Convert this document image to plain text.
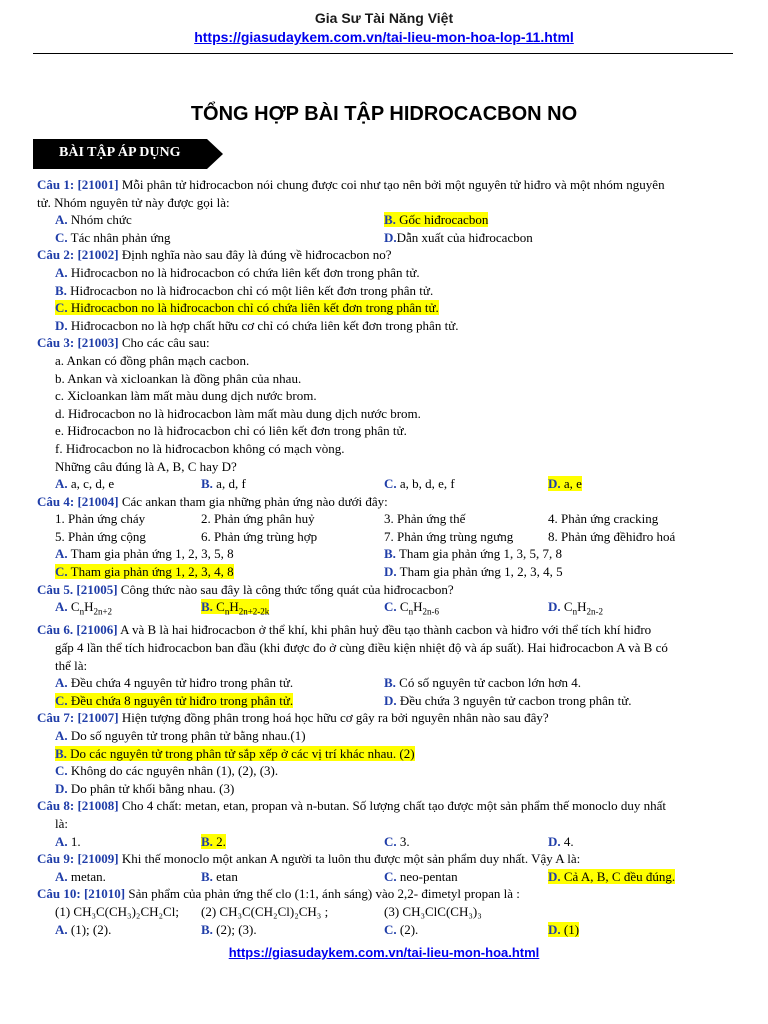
Gia Sư Tài Năng Việt
https://giasudaykem.com.vn/tai-lieu-mon-hoa-lop-11.html
TỔNG HỢP BÀI TẬP HIDROCACBON NO
BÀI TẬP ÁP DỤNG
Câu 1: [21001] Mỗi phân tử hiđrocacbon nói chung được coi như tạo nên bởi một nguyên tử hiđro và một nhóm nguyên
tử. Nhóm nguyên tử này được gọi là:
A. Nhóm chức	B. Gốc hiđrocacbon
C. Tác nhân phản ứng	D.Dẫn xuất của hiđrocacbon
Câu 2: [21002] Định nghĩa nào sau đây là đúng về hiđrocacbon no?
A. Hiđrocacbon no là hiđrocacbon có chứa liên kết đơn trong phân tử.
B. Hiđrocacbon no là hiđrocacbon chỉ có một liên kết đơn trong phân tử.
C. Hiđrocacbon no là hiđrocacbon chỉ có chứa liên kết đơn trong phân tử.
D. Hiđrocacbon no là hợp chất hữu cơ chỉ có chứa liên kết đơn trong phân tử.
Câu 3: [21003] Cho các câu sau:
a. Ankan có đồng phân mạch cacbon.
b. Ankan và xicloankan là đồng phân của nhau.
c. Xicloankan làm mất màu dung dịch nước brom.
d. Hiđrocacbon no là hiđrocacbon làm mất màu dung dịch nước brom.
e. Hiđrocacbon no là hiđrocacbon chỉ có liên kết đơn trong phân tử.
f. Hiđrocacbon no là hiđrocacbon không có mạch vòng.
Những câu đúng là A, B, C hay D?
A. a, c, d, e	B. a, d, f	C. a, b, d, e, f	D. a, e
Câu 4: [21004] Các ankan tham gia những phản ứng nào dưới đây:
1. Phản ứng cháy	2. Phản ứng phân huỷ	3. Phản ứng thế	4. Phản ứng cracking
5. Phản ứng cộng	6. Phản ứng trùng hợp	7. Phản ứng trùng ngưng	8. Phản ứng đềhiđro hoá
A. Tham gia phản ứng 1, 2, 3, 5, 8	B. Tham gia phản ứng 1, 3, 5, 7, 8
C. Tham gia phản ứng 1, 2, 3, 4, 8	D. Tham gia phản ứng 1, 2, 3, 4, 5
Câu 5. [21005] Công thức nào sau đây là công thức tổng quát của hiđrocacbon?
A. $C_nH_{2n+2}$	B. $C_nH_{2n+2-2k}$	C. $C_nH_{2n-6}$	D. $C_nH_{2n-2}$
Câu 6. [21006] A và B là hai hiđrocacbon ở thể khí, khi phân huỷ đều tạo thành cacbon và hiđro với thể tích khí hiđro
gấp 4 lần thể tích hiđrocacbon ban đầu (khi được đo ở cùng điều kiện nhiệt độ và áp suất). Hai hiđrocacbon A và B có
thể là:
A. Đều chứa 4 nguyên tử hiđro trong phân tử.	B. Có số nguyên tử cacbon lớn hơn 4.
C. Đều chứa 8 nguyên tử hiđro trong phân tử.	D. Đều chứa 3 nguyên tử cacbon trong phân tử.
Câu 7: [21007] Hiện tượng đồng phân trong hoá học hữu cơ gây ra bởi nguyên nhân nào sau đây?
A. Do số nguyên tử trong phân tử bằng nhau.(1)
B. Do các nguyên tử trong phân tử sắp xếp ở các vị trí khác nhau. (2)
C. Không do các nguyên nhân (1), (2), (3).
D. Do phân tử khối bằng nhau. (3)
Câu 8: [21008] Cho 4 chất: metan, etan, propan và n-butan. Số lượng chất tạo được một sản phẩm thế monoclo duy nhất
là:
A. 1.	B. 2.	C. 3.	D. 4.
Câu 9: [21009] Khi thế monoclo một ankan A người ta luôn thu được một sản phẩm duy nhất. Vậy A là:
A. metan.	B. etan	C. neo-pentan	D. Cả A, B, C đều đúng.
Câu 10: [21010] Sản phẩm của phản ứng thế clo (1:1, ánh sáng) vào 2,2- đimetyl propan là :
(1) CH₃C(CH₃)₂CH₂Cl;	(2) CH₃C(CH₂Cl)₂CH₃ ;	(3) CH₃ClC(CH₃)₃
A. (1); (2).	B. (2); (3).	C. (2).	D. (1)
https://giasudaykem.com.vn/tai-lieu-mon-hoa.html
